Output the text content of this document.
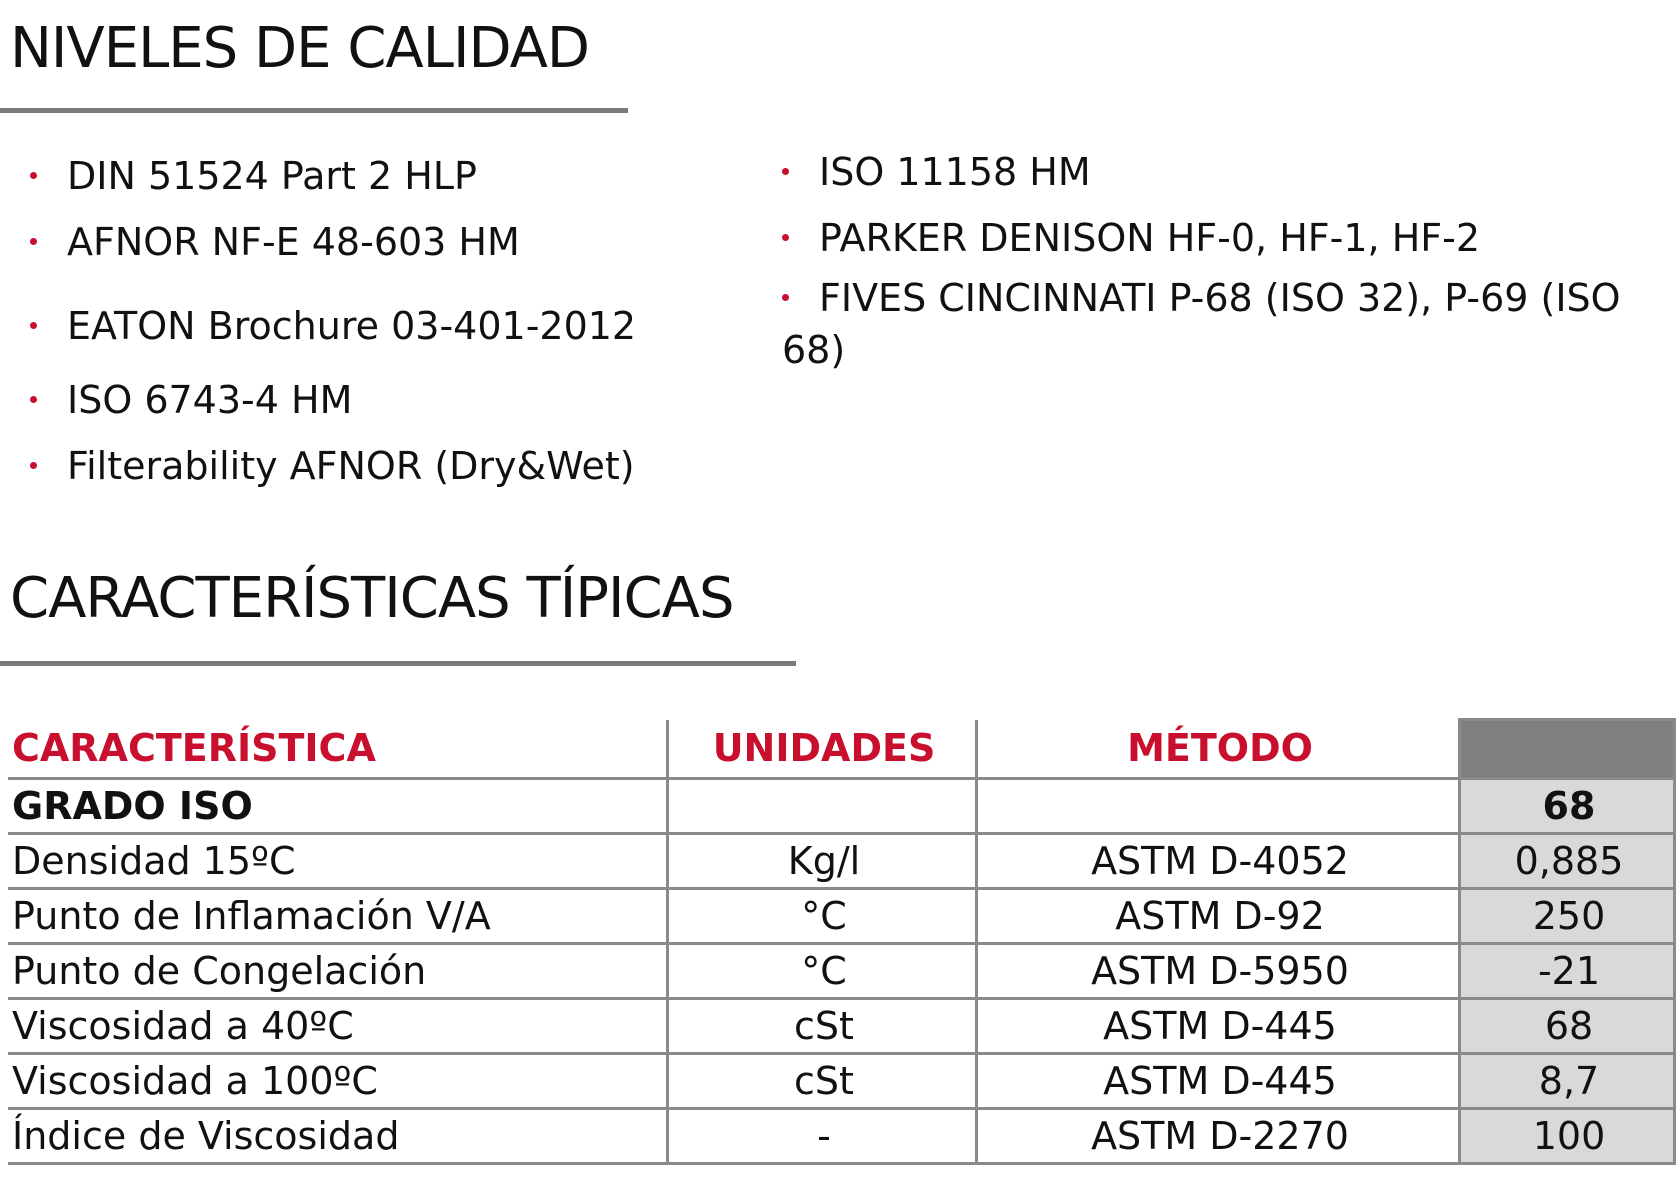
NIVELES DE CALIDAD
DIN 51524 Part 2 HLP
AFNOR NF-E 48-603 HM
EATON Brochure 03-401-2012
ISO 6743-4 HM
Filterability AFNOR (Dry&Wet)
ISO 11158 HM
PARKER DENISON HF-0, HF-1, HF-2
FIVES CINCINNATI P-68 (ISO 32), P-69 (ISO 68)
CARACTERÍSTICAS TÍPICAS
CARACTERÍSTICA	UNIDADES	MÉTODO	
GRADO ISO			68
Densidad 15ºC	Kg/l	ASTM D-4052	0,885
Punto de Inflamación V/A	°C	ASTM D-92	250
Punto de Congelación	°C	ASTM D-5950	-21
Viscosidad a 40ºC	cSt	ASTM D-445	68
Viscosidad a 100ºC	cSt	ASTM D-445	8,7
Índice de Viscosidad	-	ASTM D-2270	100
